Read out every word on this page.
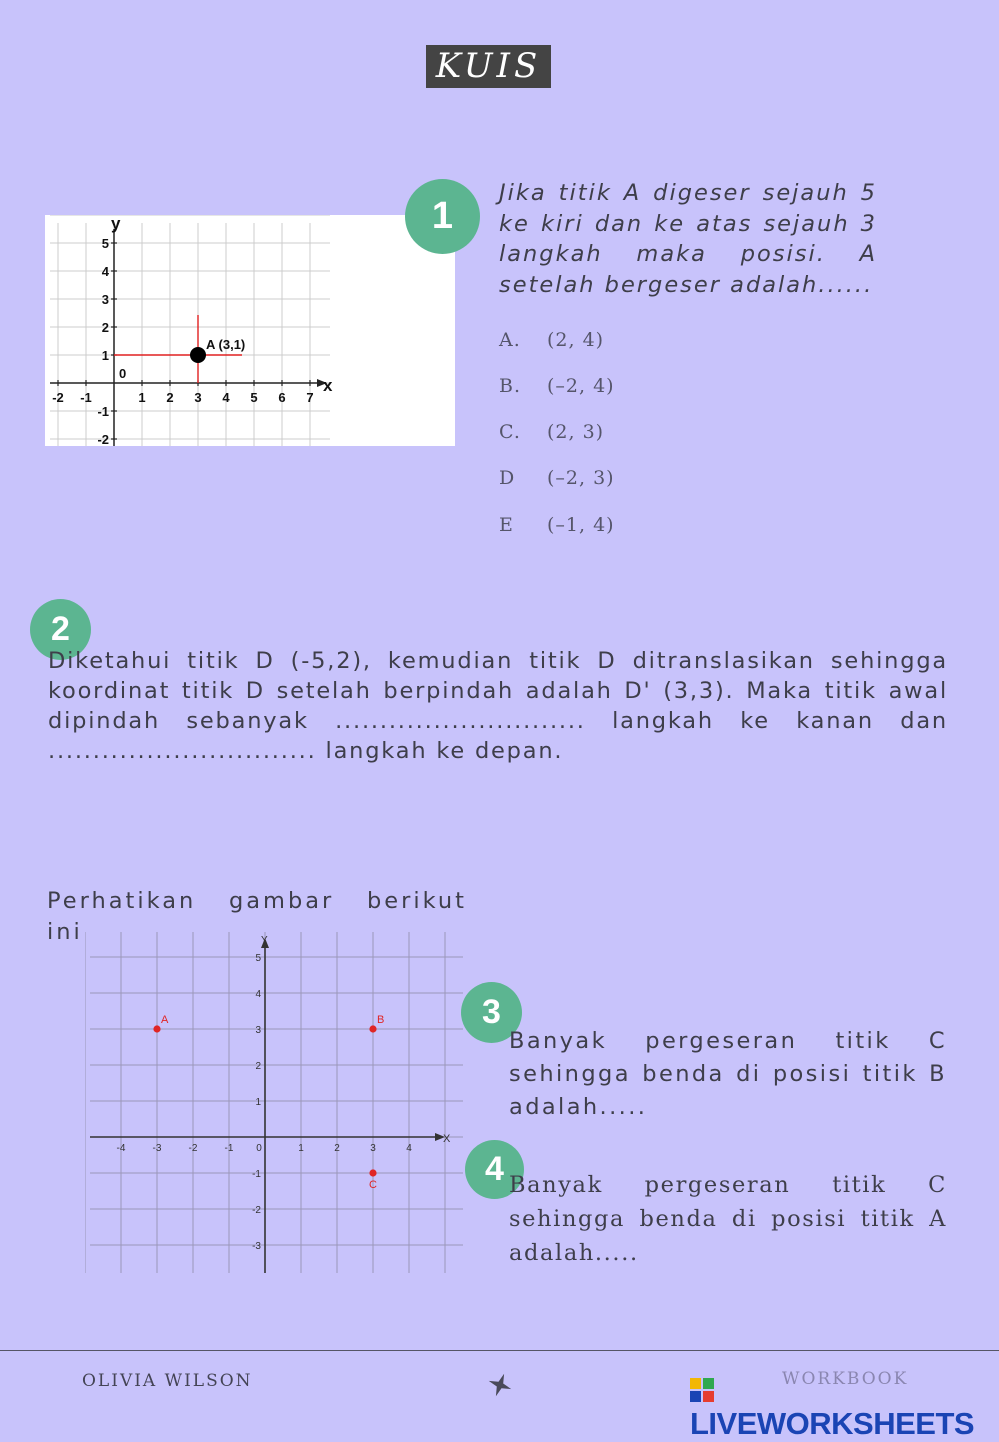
KUIS
x
y
0
-2 -1	1 2 3 4 5 6 7
5
4
3
2
1
-1
-2
A (3,1)
1
Jika titik A digeser sejauh 5 ke kiri dan ke atas sejauh 3 langkah maka posisi. A setelah bergeser adalah......
A. (2, 4)
B. (–2, 4)
C. (2, 3)
D (–2, 3)
E (–1, 4)
2
Diketahui titik D (-5,2), kemudian titik D ditranslasikan sehingga koordinat titik D setelah berpindah adalah D' (3,3). Maka titik awal dipindah sebanyak ............................ langkah ke kanan dan .............................. langkah ke depan.
Perhatikan gambar berikut ini
X
Y
-4	-3	-2	-1 0	1	2	3	4
5
4
3
2
1
-1
-2
-3
A	B
C
3
Banyak pergeseran titik C sehingga benda di posisi titik B adalah.....
4 Banyak pergeseran titik C sehingga benda di posisi titik A adalah.....
OLIVIA WILSON	WORKBOOK
LIVEWORKSHEETS
